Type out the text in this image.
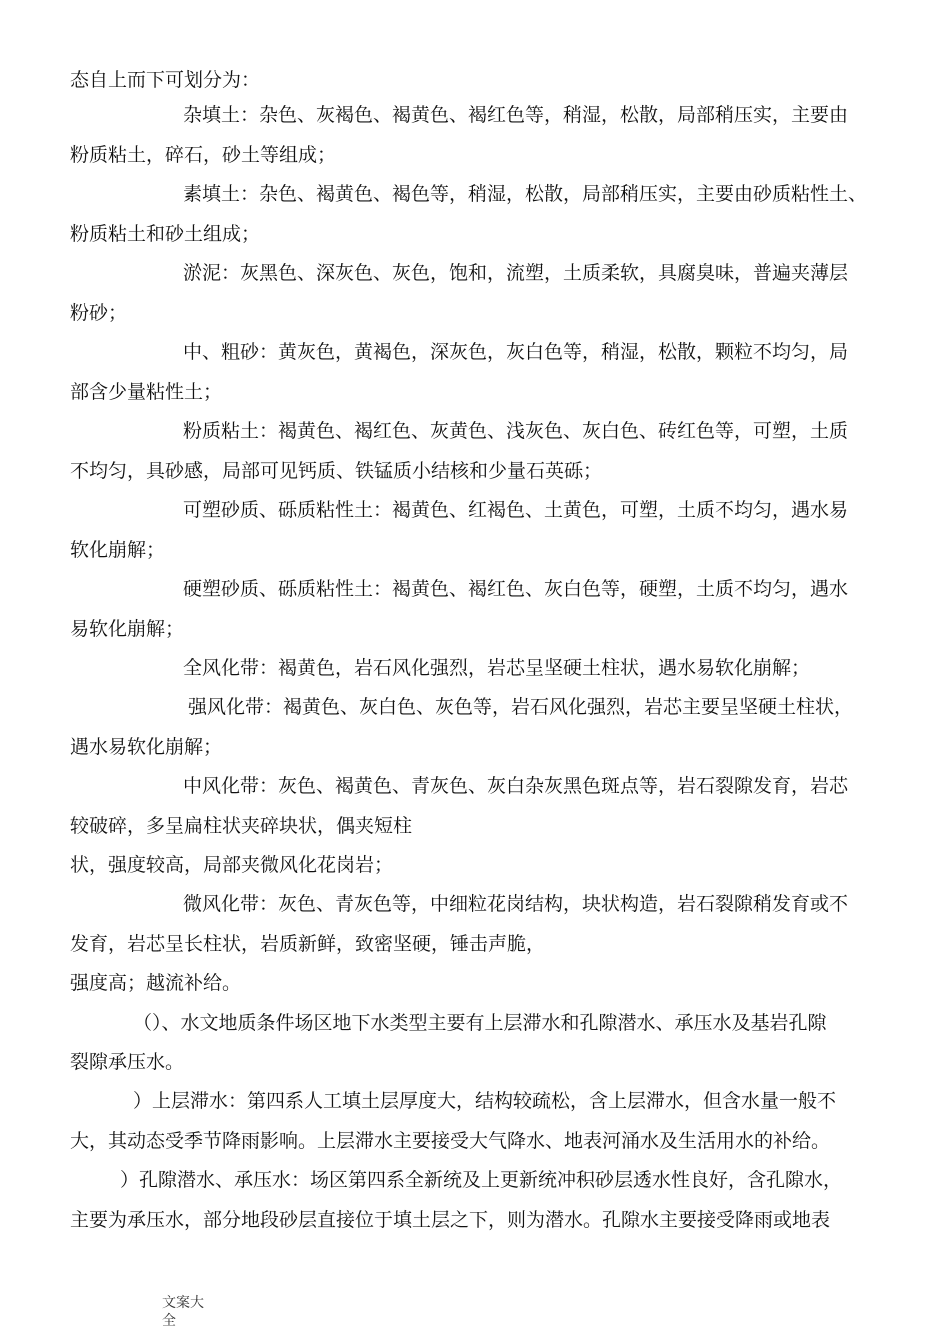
态自上而下可划分为：
杂填土：杂色、灰褐色、褐黄色、褐红色等，稍湿，松散，局部稍压实，主要由
粉质粘土，碎石，砂土等组成；
素填土：杂色、褐黄色、褐色等，稍湿，松散，局部稍压实，主要由砂质粘性土、
粉质粘土和砂土组成；
淤泥：灰黑色、深灰色、灰色，饱和，流塑，土质柔软，具腐臭味，普遍夹薄层
粉砂；
中、粗砂：黄灰色，黄褐色，深灰色，灰白色等，稍湿，松散，颗粒不均匀，局
部含少量粘性土；
粉质粘土：褐黄色、褐红色、灰黄色、浅灰色、灰白色、砖红色等，可塑，土质
不均匀，具砂感，局部可见钙质、铁锰质小结核和少量石英砾；
可塑砂质、砾质粘性土：褐黄色、红褐色、土黄色，可塑，土质不均匀，遇水易
软化崩解；
硬塑砂质、砾质粘性土：褐黄色、褐红色、灰白色等，硬塑，土质不均匀，遇水
易软化崩解；
全风化带：褐黄色，岩石风化强烈，岩芯呈坚硬土柱状，遇水易软化崩解；
强风化带：褐黄色、灰白色、灰色等，岩石风化强烈，岩芯主要呈坚硬土柱状，
遇水易软化崩解；
中风化带：灰色、褐黄色、青灰色、灰白杂灰黑色斑点等，岩石裂隙发育，岩芯
较破碎，多呈扁柱状夹碎块状，偶夹短柱
状，强度较高，局部夹微风化花岗岩；
微风化带：灰色、青灰色等，中细粒花岗结构，块状构造，岩石裂隙稍发育或不
发育，岩芯呈长柱状，岩质新鲜，致密坚硬，锤击声脆，
强度高；越流补给。
（）、水文地质条件场区地下水类型主要有上层滞水和孔隙潜水、承压水及基岩孔隙
裂隙承压水。
）上层滞水：第四系人工填土层厚度大，结构较疏松，含上层滞水，但含水量一般不
大，其动态受季节降雨影响。上层滞水主要接受大气降水、地表河涌水及生活用水的补给。
）孔隙潜水、承压水：场区第四系全新统及上更新统冲积砂层透水性良好，含孔隙水，
主要为承压水，部分地段砂层直接位于填土层之下，则为潜水。孔隙水主要接受降雨或地表
文案大全
